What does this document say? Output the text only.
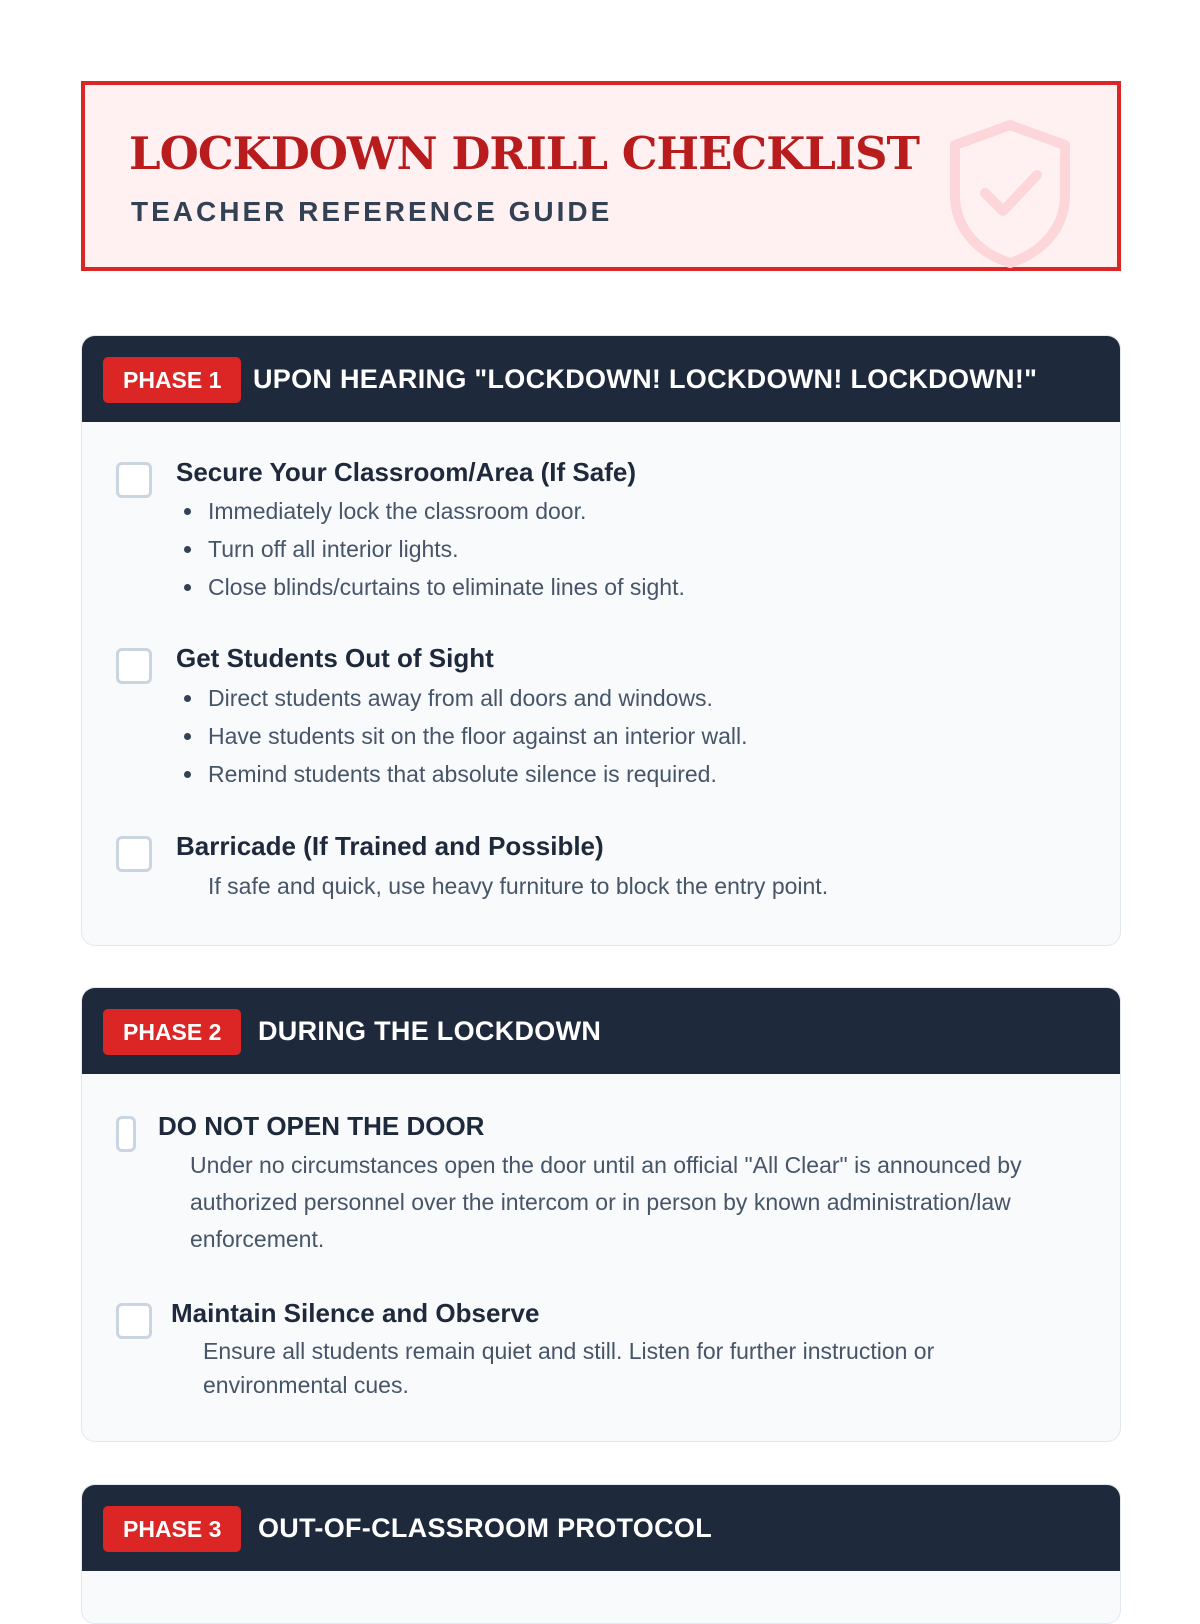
LOCKDOWN DRILL CHECKLIST
TEACHER REFERENCE GUIDE
PHASE 1	UPON HEARING "LOCKDOWN! LOCKDOWN! LOCKDOWN!"
Secure Your Classroom/Area (If Safe)
Immediately lock the classroom door.
Turn off all interior lights.
Close blinds/curtains to eliminate lines of sight.
Get Students Out of Sight
Direct students away from all doors and windows.
Have students sit on the floor against an interior wall.
Remind students that absolute silence is required.
Barricade (If Trained and Possible)

If safe and quick, use heavy furniture to block the entry point.

PHASE 2	DURING THE LOCKDOWN
DO NOT OPEN THE DOOR

Under no circumstances open the door until an official "All Clear" is announced by authorized personnel over the intercom or in person by known administration/law enforcement.

Maintain Silence and Observe

Ensure all students remain quiet and still. Listen for further instruction or environmental cues.

PHASE 3	OUT-OF-CLASSROOM PROTOCOL
